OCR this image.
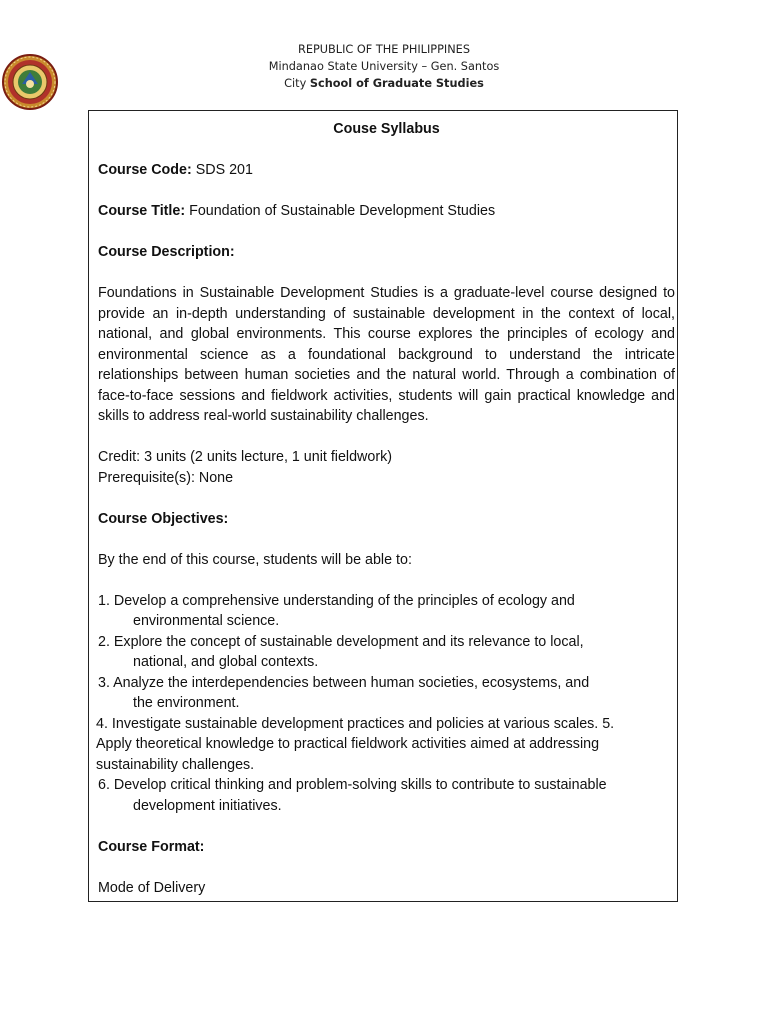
REPUBLIC OF THE PHILIPPINES
Mindanao State University – Gen. Santos
City School of Graduate Studies

Couse Syllabus

Course Code: SDS 201

Course Title: Foundation of Sustainable Development Studies

Course Description:

Foundations in Sustainable Development Studies is a graduate-level course designed to provide an in-depth understanding of sustainable development in the context of local, national, and global environments. This course explores the principles of ecology and environmental science as a foundational background to understand the intricate relationships between human societies and the natural world. Through a combination of face-to-face sessions and fieldwork activities, students will gain practical knowledge and skills to address real-world sustainability challenges.

Credit: 3 units (2 units lecture, 1 unit fieldwork)

Prerequisite(s): None

Course Objectives:

By the end of this course, students will be able to:

1. Develop a comprehensive understanding of the principles of ecology and
environmental science.

2. Explore the concept of sustainable development and its relevance to local,
national, and global contexts.

3. Analyze the interdependencies between human societies, ecosystems, and
the environment.

4. Investigate sustainable development practices and policies at various scales. 5.
Apply theoretical knowledge to practical fieldwork activities aimed at addressing
sustainability challenges.

6. Develop critical thinking and problem-solving skills to contribute to sustainable
development initiatives.

Course Format:

Mode of Delivery
